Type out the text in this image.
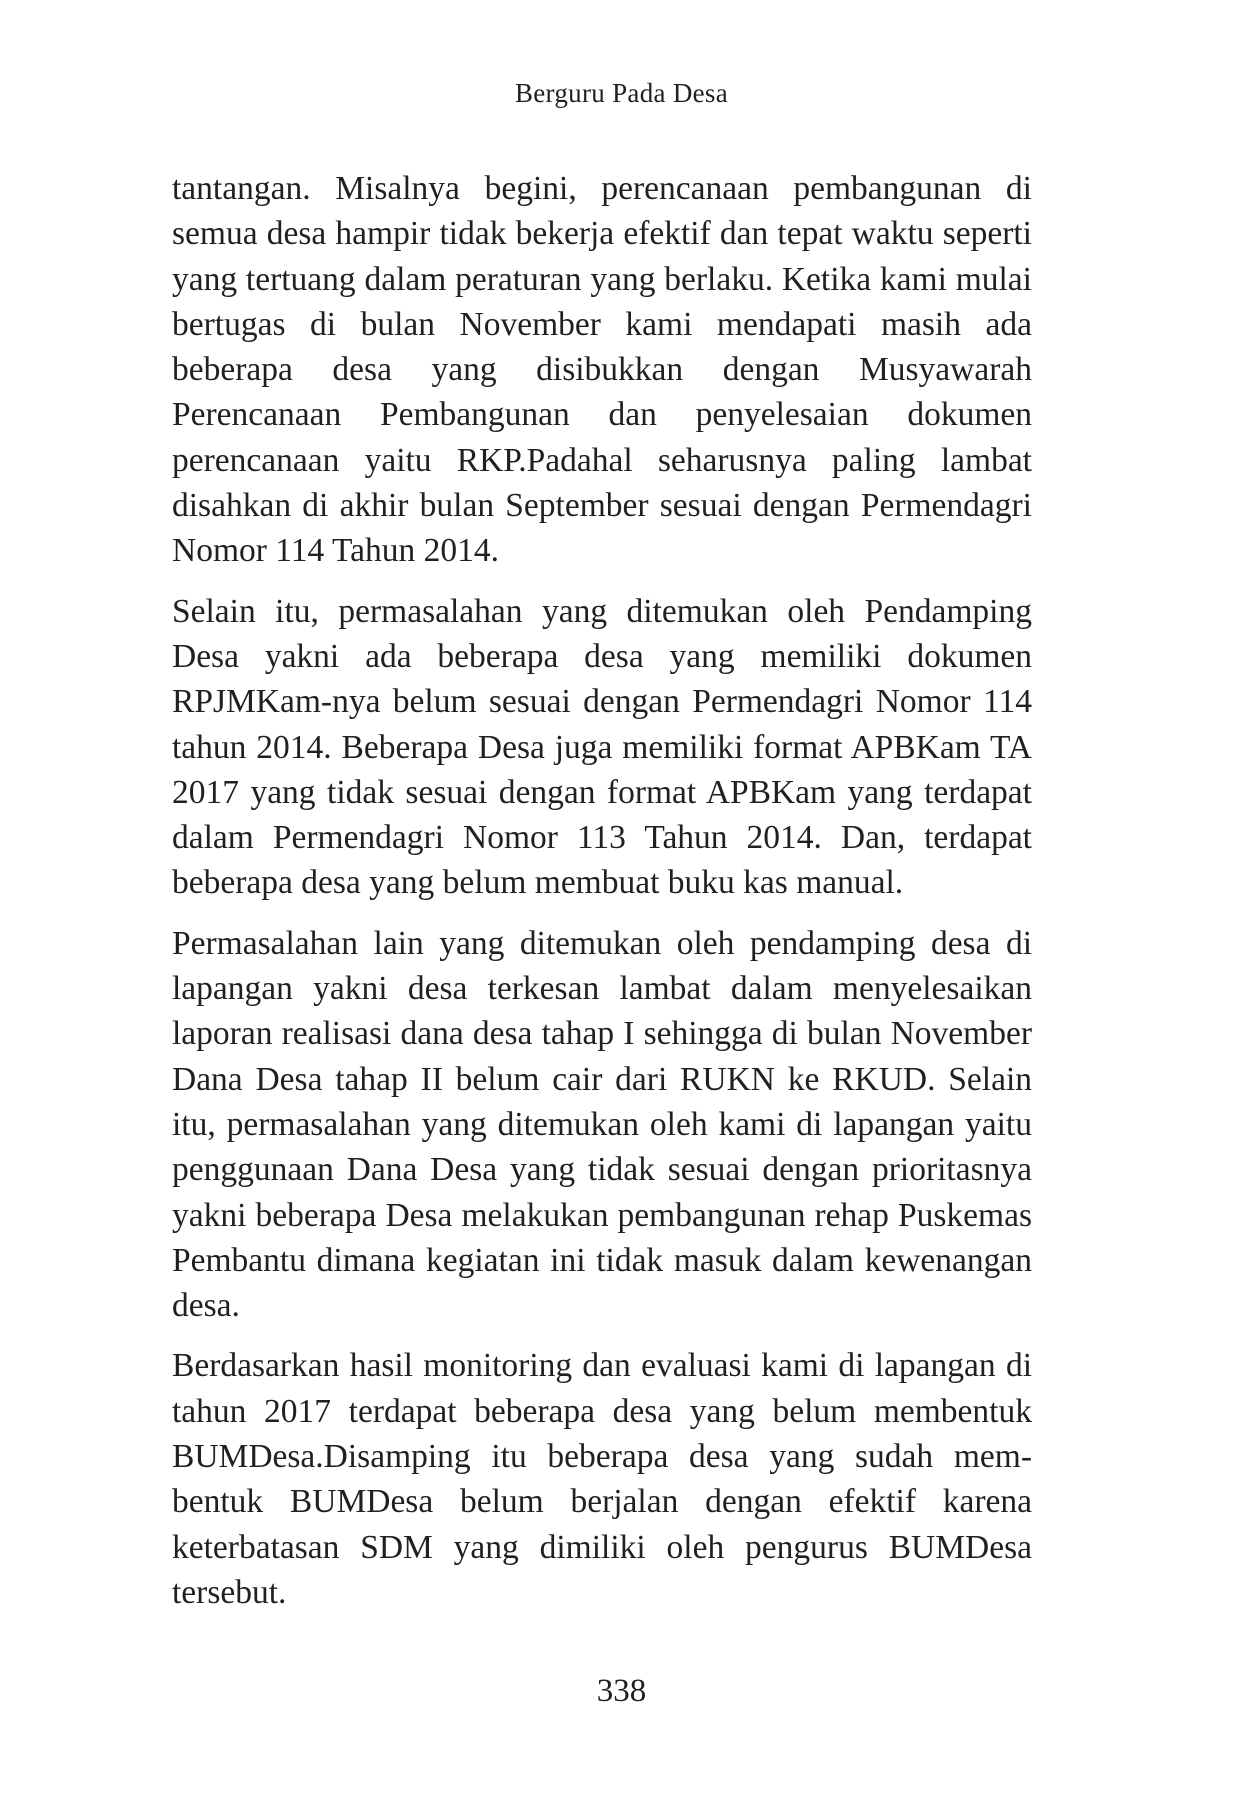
Berguru Pada Desa

tantangan. Misalnya begini, perencanaan pembangunan di semua desa hampir tidak bekerja efektif dan tepat waktu seperti yang tertuang dalam peraturan yang berlaku. Ketika kami mulai bertugas di bulan November kami mendapati masih ada beberapa desa yang disibukkan dengan Musyawarah Perencanaan Pembangunan dan penyelesaian dokumen perencanaan yaitu RKP.Padahal seharusnya paling lambat disahkan di akhir bulan September sesuai dengan Permendagri Nomor 114 Tahun 2014.

Selain itu, permasalahan yang ditemukan oleh Pendamping Desa yakni ada beberapa desa yang memiliki dokumen RPJMKam-nya belum sesuai dengan Permendagri Nomor 114 tahun 2014. Beberapa Desa juga memiliki format APBKam TA 2017 yang tidak sesuai dengan format APBKam yang terdapat dalam Permendagri Nomor 113 Tahun 2014. Dan, terdapat beberapa desa yang belum membuat buku kas manual.

Permasalahan lain yang ditemukan oleh pendamping desa di lapangan yakni desa terkesan lambat dalam menyelesaikan laporan realisasi dana desa tahap I sehingga di bulan November Dana Desa tahap II belum cair dari RUKN ke RKUD. Selain itu, permasalahan yang ditemukan oleh kami di lapangan yaitu penggunaan Dana Desa yang tidak sesuai dengan prioritasnya yakni beberapa Desa melakukan pembangunan rehap Puskemas Pembantu dimana kegiatan ini tidak masuk dalam kewenangan desa.

Berdasarkan hasil monitoring dan evaluasi kami di lapangan di tahun 2017 terdapat beberapa desa yang belum membentuk BUMDesa.Disamping itu beberapa desa yang sudah membentuk BUMDesa belum berjalan dengan efektif karena keterbatasan SDM yang dimiliki oleh pengurus BUMDesa tersebut.

338
